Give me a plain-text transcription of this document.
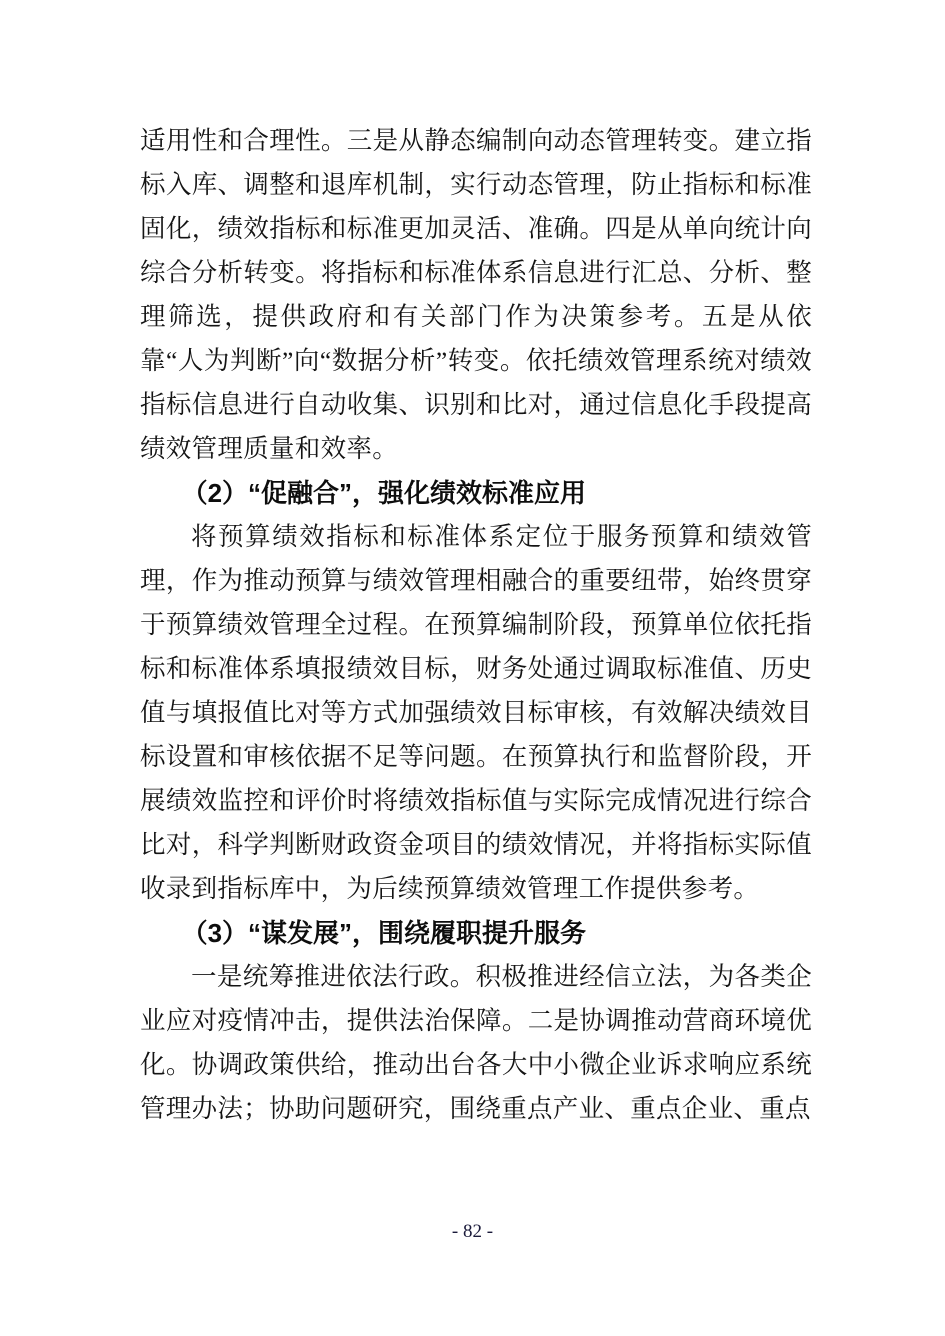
适用性和合理性。三是从静态编制向动态管理转变。建立指标入库、调整和退库机制，实行动态管理，防止指标和标准固化，绩效指标和标准更加灵活、准确。四是从单向统计向综合分析转变。将指标和标准体系信息进行汇总、分析、整理筛选，提供政府和有关部门作为决策参考。五是从依靠“人为判断”向“数据分析”转变。依托绩效管理系统对绩效指标信息进行自动收集、识别和比对，通过信息化手段提高绩效管理质量和效率。

（2）“促融合”，强化绩效标准应用

将预算绩效指标和标准体系定位于服务预算和绩效管理，作为推动预算与绩效管理相融合的重要纽带，始终贯穿于预算绩效管理全过程。在预算编制阶段，预算单位依托指标和标准体系填报绩效目标，财务处通过调取标准值、历史值与填报值比对等方式加强绩效目标审核，有效解决绩效目标设置和审核依据不足等问题。在预算执行和监督阶段，开展绩效监控和评价时将绩效指标值与实际完成情况进行综合比对，科学判断财政资金项目的绩效情况，并将指标实际值收录到指标库中，为后续预算绩效管理工作提供参考。

（3）“谋发展”，围绕履职提升服务

一是统筹推进依法行政。积极推进经信立法，为各类企业应对疫情冲击，提供法治保障。二是协调推动营商环境优化。协调政策供给，推动出台各大中小微企业诉求响应系统管理办法；协助问题研究，围绕重点产业、重点企业、重点

- 82 -
